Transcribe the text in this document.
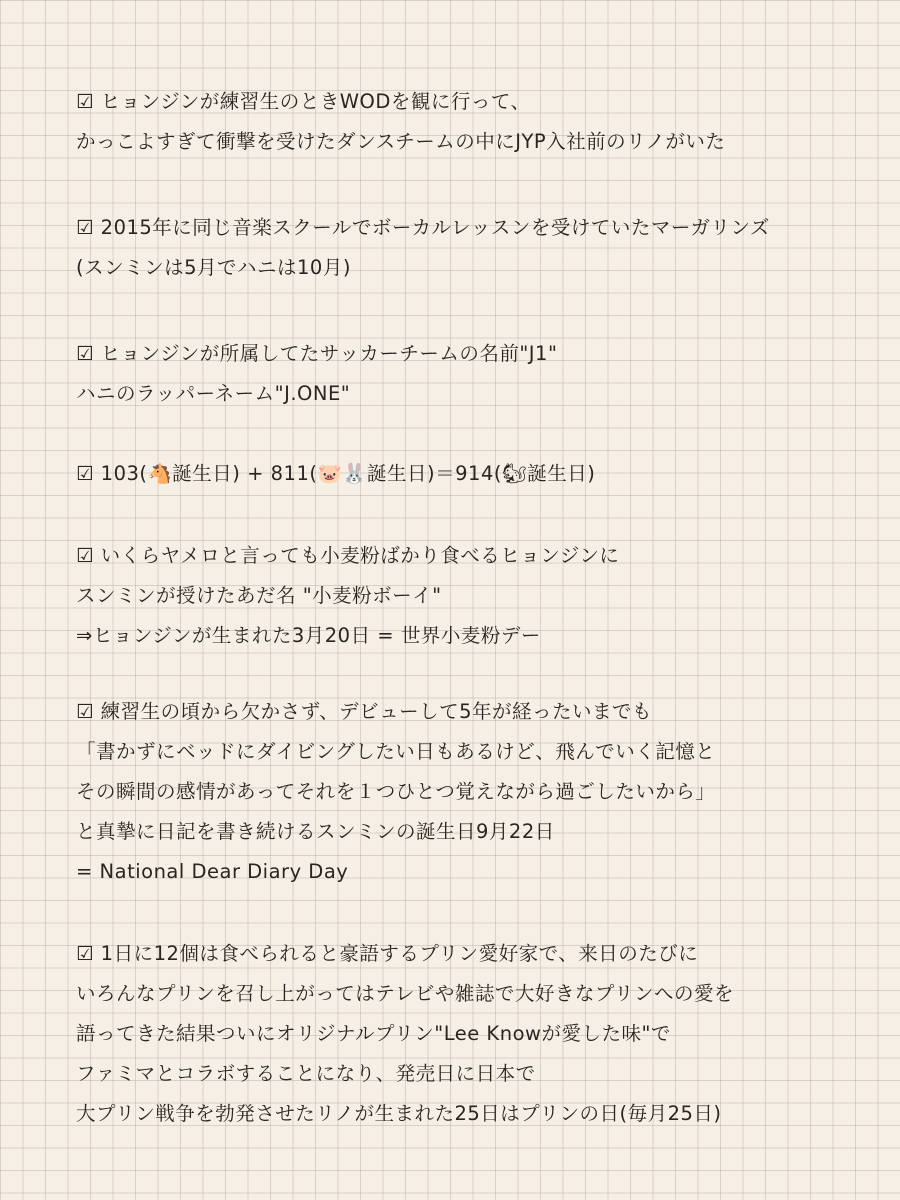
☑ ヒョンジンが練習生のときWODを観に行って、
かっこよすぎて衝撃を受けたダンスチームの中にJYP入社前のリノがいた
☑ 2015年に同じ音楽スクールでボーカルレッスンを受けていたマーガリンズ
(スンミンは5月でハニは10月)
☑ ヒョンジンが所属してたサッカーチームの名前"J1"
ハニのラッパーネーム"J.ONE"
☑ 103(🐴誕生日) + 811(🐷🐰誕生日)＝914(🐿誕生日)
☑ いくらヤメロと言っても小麦粉ばかり食べるヒョンジンに
スンミンが授けたあだ名 "小麦粉ボーイ"
⇒ヒョンジンが生まれた3月20日 = 世界小麦粉デー
☑ 練習生の頃から欠かさず、デビューして5年が経ったいまでも
「書かずにベッドにダイビングしたい日もあるけど、飛んでいく記憶と
その瞬間の感情があってそれを１つひとつ覚えながら過ごしたいから」
と真摯に日記を書き続けるスンミンの誕生日9月22日
= National Dear Diary Day
☑ 1日に12個は食べられると豪語するプリン愛好家で、来日のたびに
いろんなプリンを召し上がってはテレビや雑誌で大好きなプリンへの愛を
語ってきた結果ついにオリジナルプリン"Lee Knowが愛した味"で
ファミマとコラボすることになり、発売日に日本で
大プリン戦争を勃発させたリノが生まれた25日はプリンの日(毎月25日)
